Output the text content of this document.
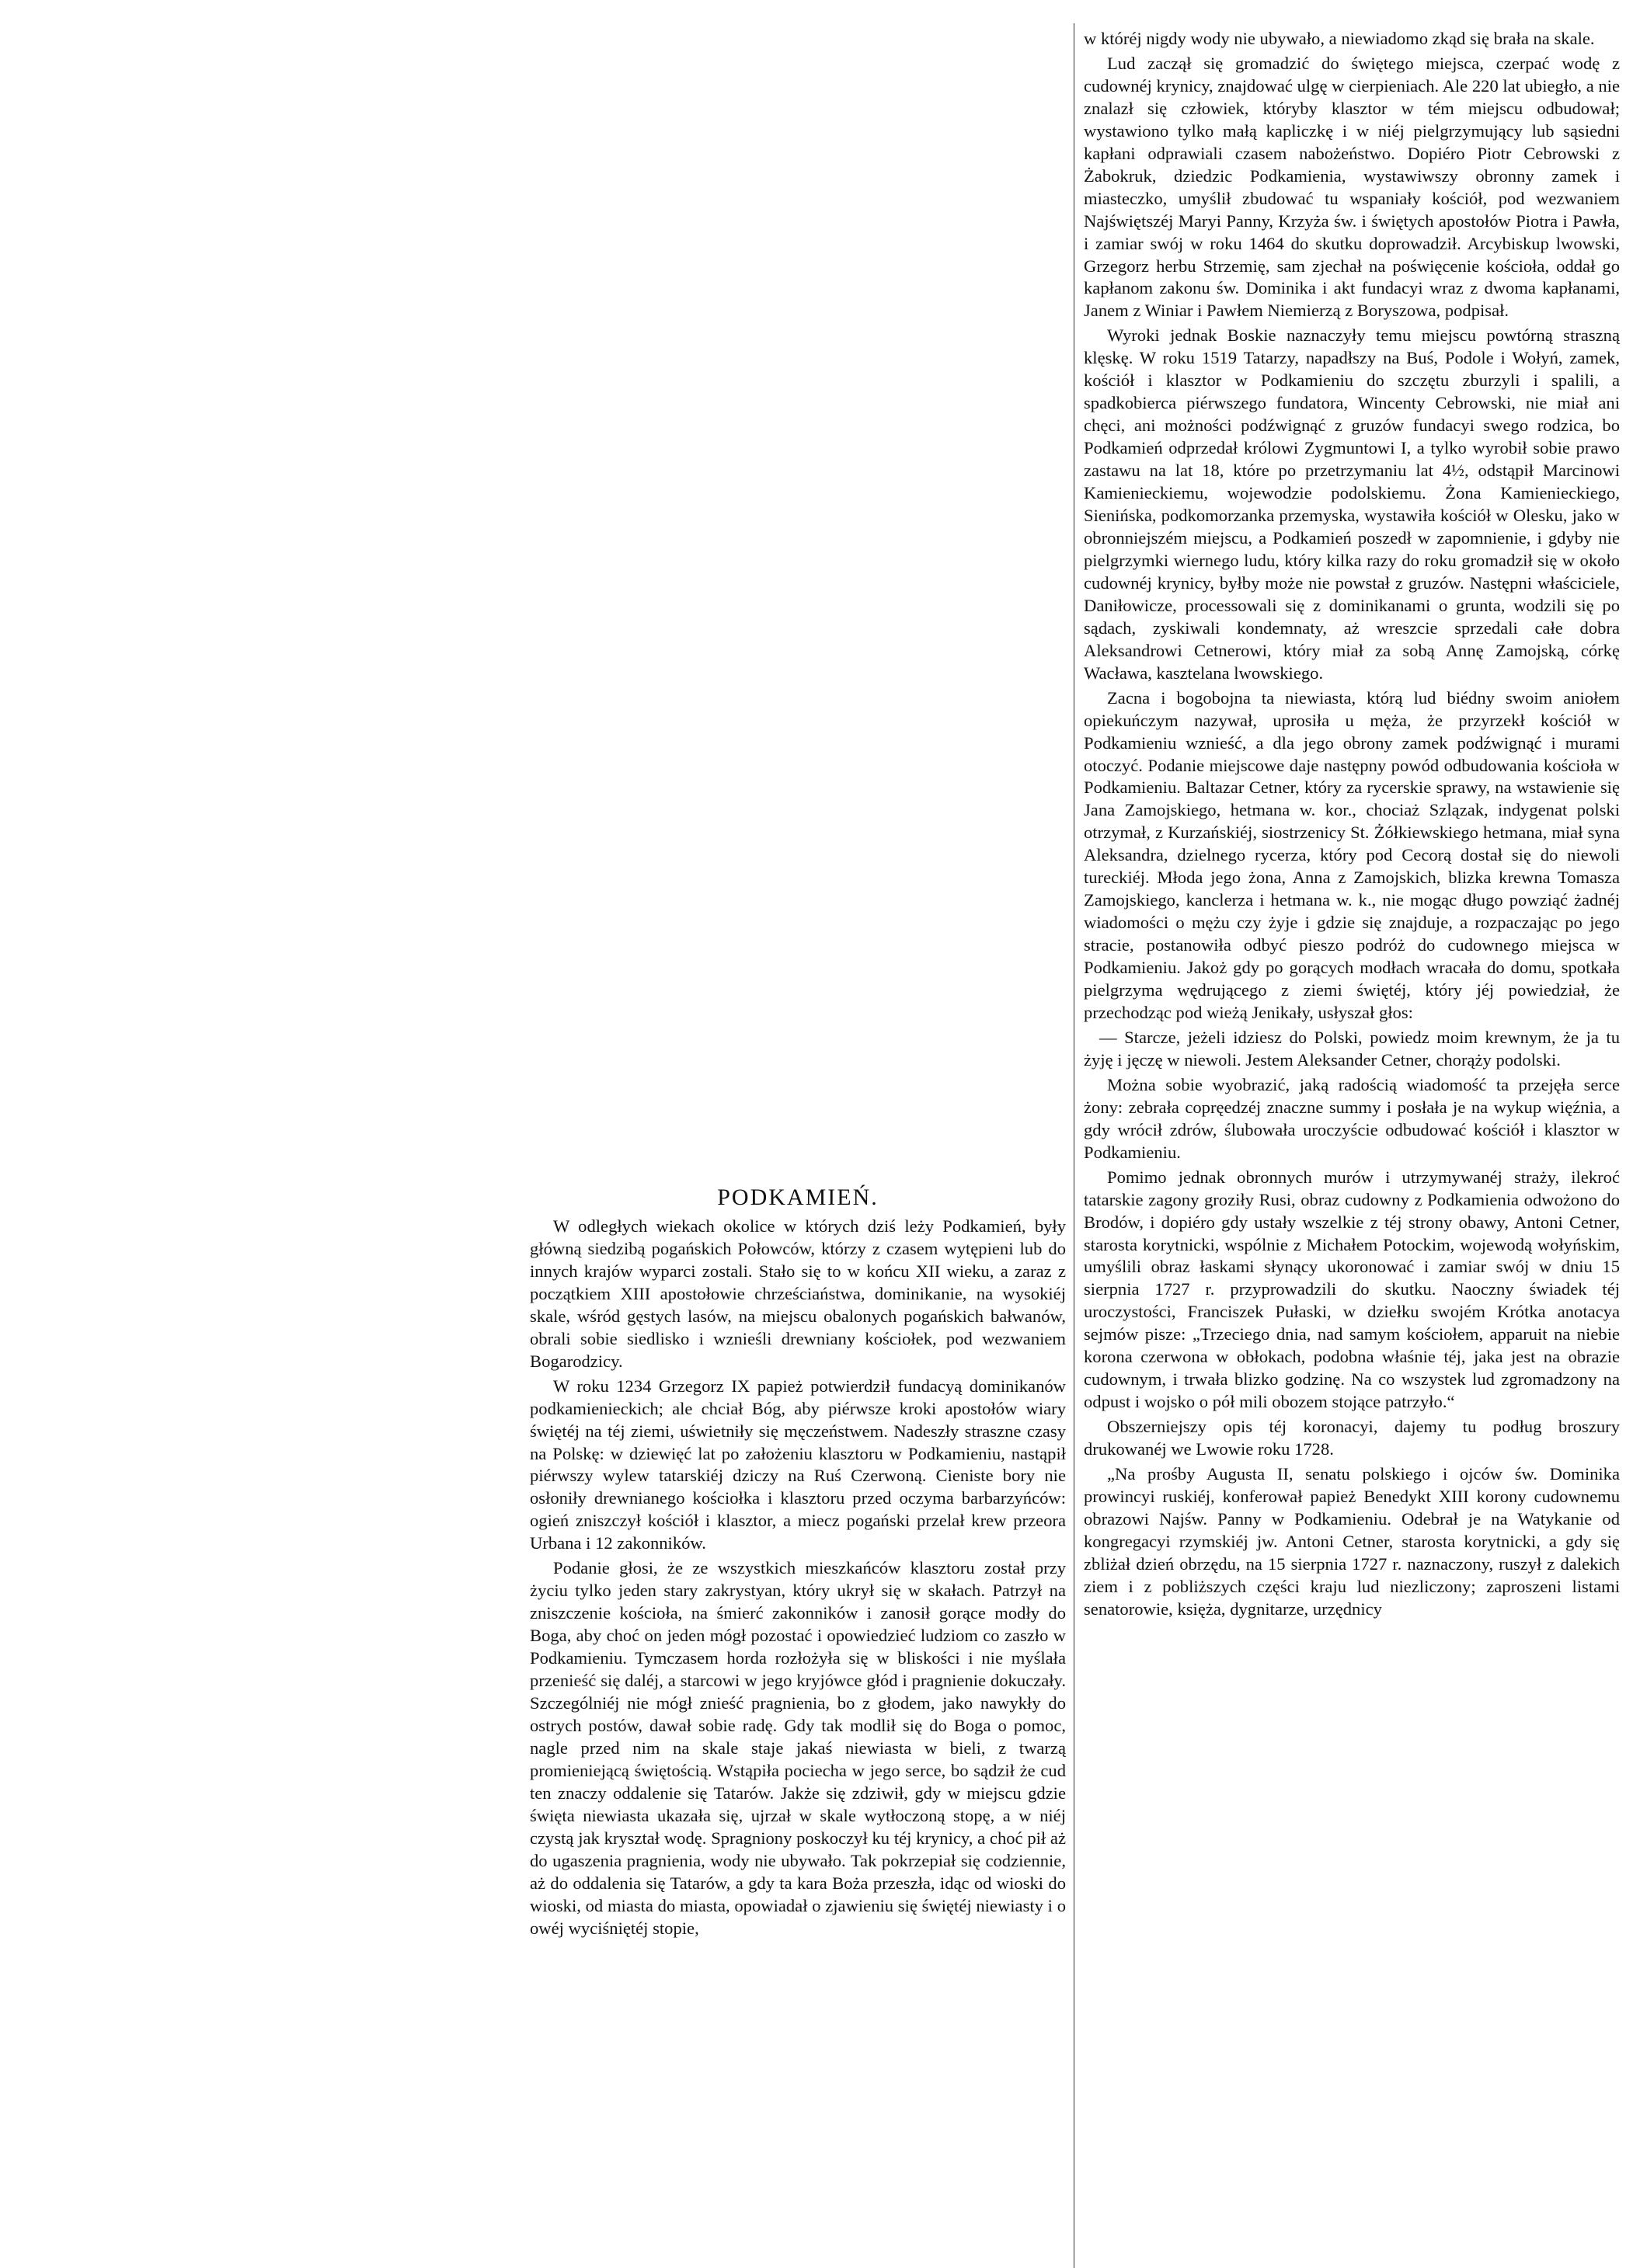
PODKAMIEŃ.

W odległych wiekach okolice w których dziś leży Podkamień, były główną siedzibą pogańskich Połowców, którzy z czasem wytępieni lub do innych krajów wyparci zostali. Stało się to w końcu XII wieku, a zaraz z początkiem XIII apostołowie chrześciaństwa, dominikanie, na wysokiéj skale, wśród gęstych lasów, na miejscu obalonych pogańskich bałwanów, obrali sobie siedlisko i wznieśli drewniany kościołek, pod wezwaniem Bogarodzicy.

W roku 1234 Grzegorz IX papież potwierdził fundacyą dominikanów podkamienieckich; ale chciał Bóg, aby piérwsze kroki apostołów wiary świętéj na téj ziemi, uświetniły się męczeństwem. Nadeszły straszne czasy na Polskę: w dziewięć lat po założeniu klasztoru w Podkamieniu, nastąpił piérwszy wylew tatarskiéj dziczy na Ruś Czerwoną. Cieniste bory nie osłoniły drewnianego kościołka i klasztoru przed oczyma barbarzyńców: ogień zniszczył kościół i klasztor, a miecz pogański przelał krew przeora Urbana i 12 zakonników.

Podanie głosi, że ze wszystkich mieszkańców klasztoru został przy życiu tylko jeden stary zakrystyan, który ukrył się w skałach. Patrzył na zniszczenie kościoła, na śmierć zakonników i zanosił gorące modły do Boga, aby choć on jeden mógł pozostać i opowiedzieć ludziom co zaszło w Podkamieniu. Tymczasem horda rozłożyła się w bliskości i nie myślała przenieść się daléj, a starcowi w jego kryjówce głód i pragnienie dokuczały. Szczególniéj nie mógł znieść pragnienia, bo z głodem, jako nawykły do ostrych postów, dawał sobie radę. Gdy tak modlił się do Boga o pomoc, nagle przed nim na skale staje jakaś niewiasta w bieli, z twarzą promieniejącą świętością. Wstąpiła pociecha w jego serce, bo sądził że cud ten znaczy oddalenie się Tatarów. Jakże się zdziwił, gdy w miejscu gdzie święta niewiasta ukazała się, ujrzał w skale wytłoczoną stopę, a w niéj czystą jak kryształ wodę. Spragniony poskoczył ku téj krynicy, a choć pił aż do ugaszenia pragnienia, wody nie ubywało. Tak pokrzepiał się codziennie, aż do oddalenia się Tatarów, a gdy ta kara Boża przeszła, idąc od wioski do wioski, od miasta do miasta, opowiadał o zjawieniu się świętéj niewiasty i o owéj wyciśniętéj stopie,

w któréj nigdy wody nie ubywało, a niewiadomo zkąd się brała na skale.

Lud zaczął się gromadzić do świętego miejsca, czerpać wodę z cudownéj krynicy, znajdować ulgę w cierpieniach. Ale 220 lat ubiegło, a nie znalazł się człowiek, któryby klasztor w tém miejscu odbudował; wystawiono tylko małą kapliczkę i w niéj pielgrzymujący lub sąsiedni kapłani odprawiali czasem nabożeństwo. Dopiéro Piotr Cebrowski z Żabokruk, dziedzic Podkamienia, wystawiwszy obronny zamek i miasteczko, umyślił zbudować tu wspaniały kościół, pod wezwaniem Najświętszéj Maryi Panny, Krzyża św. i świętych apostołów Piotra i Pawła, i zamiar swój w roku 1464 do skutku doprowadził. Arcybiskup lwowski, Grzegorz herbu Strzemię, sam zjechał na poświęcenie kościoła, oddał go kapłanom zakonu św. Dominika i akt fundacyi wraz z dwoma kapłanami, Janem z Winiar i Pawłem Niemierzą z Boryszowa, podpisał.

Wyroki jednak Boskie naznaczyły temu miejscu powtórną straszną klęskę. W roku 1519 Tatarzy, napadłszy na Buś, Podole i Wołyń, zamek, kościół i klasztor w Podkamieniu do szczętu zburzyli i spalili, a spadkobierca piérwszego fundatora, Wincenty Cebrowski, nie miał ani chęci, ani możności podźwignąć z gruzów fundacyi swego rodzica, bo Podkamień odprzedał królowi Zygmuntowi I, a tylko wyrobił sobie prawo zastawu na lat 18, które po przetrzymaniu lat 4½, odstąpił Marcinowi Kamienieckiemu, wojewodzie podolskiemu. Żona Kamienieckiego, Sienińska, podkomorzanka przemyska, wystawiła kościół w Olesku, jako w obronniejszém miejscu, a Podkamień poszedł w zapomnienie, i gdyby nie pielgrzymki wiernego ludu, który kilka razy do roku gromadził się w około cudownéj krynicy, byłby może nie powstał z gruzów. Następni właściciele, Daniłowicze, processowali się z dominikanami o grunta, wodzili się po sądach, zyskiwali kondemnaty, aż wreszcie sprzedali całe dobra Aleksandrowi Cetnerowi, który miał za sobą Annę Zamojską, córkę Wacława, kasztelana lwowskiego.

Zacna i bogobojna ta niewiasta, którą lud biédny swoim aniołem opiekuńczym nazywał, uprosiła u męża, że przyrzekł kościół w Podkamieniu wznieść, a dla jego obrony zamek podźwignąć i murami otoczyć. Podanie miejscowe daje następny powód odbudowania kościoła w Podkamieniu. Baltazar Cetner, który za rycerskie sprawy, na wstawienie się Jana Zamojskiego, hetmana w. kor., chociaż Szlązak, indygenat polski otrzymał, z Kurzańskiéj, siostrzenicy St. Żółkiewskiego hetmana, miał syna Aleksandra, dzielnego rycerza, który pod Cecorą dostał się do niewoli tureckiéj. Młoda jego żona, Anna z Zamojskich, blizka krewna Tomasza Zamojskiego, kanclerza i hetmana w. k., nie mogąc długo powziąć żadnéj wiadomości o mężu czy żyje i gdzie się znajduje, a rozpaczając po jego stracie, postanowiła odbyć pieszo podróż do cudownego miejsca w Podkamieniu. Jakoż gdy po gorących modłach wracała do domu, spotkała pielgrzyma wędrującego z ziemi świętéj, który jéj powiedział, że przechodząc pod wieżą Jenikały, usłyszał głos:

— Starcze, jeżeli idziesz do Polski, powiedz moim krewnym, że ja tu żyję i jęczę w niewoli. Jestem Aleksander Cetner, chorąży podolski.

Można sobie wyobrazić, jaką radością wiadomość ta przejęła serce żony: zebrała copręedzéj znaczne summy i posłała je na wykup więźnia, a gdy wrócił zdrów, ślubowała uroczyście odbudować kościół i klasztor w Podkamieniu.

Pomimo jednak obronnych murów i utrzymywanéj straży, ilekroć tatarskie zagony groziły Rusi, obraz cudowny z Podkamienia odwożono do Brodów, i dopiéro gdy ustały wszelkie z téj strony obawy, Antoni Cetner, starosta korytnicki, wspólnie z Michałem Potockim, wojewodą wołyńskim, umyślili obraz łaskami słynący ukoronować i zamiar swój w dniu 15 sierpnia 1727 r. przyprowadzili do skutku. Naoczny świadek téj uroczystości, Franciszek Pułaski, w dziełku swojém Krótka anotacya sejmów pisze: „Trzeciego dnia, nad samym kościołem, apparuit na niebie korona czerwona w obłokach, podobna właśnie téj, jaka jest na obrazie cudownym, i trwała blizko godzinę. Na co wszystek lud zgromadzony na odpust i wojsko o pół mili obozem stojące patrzyło.“

Obszerniejszy opis téj koronacyi, dajemy tu podług broszury drukowanéj we Lwowie roku 1728.

„Na prośby Augusta II, senatu polskiego i ojców św. Dominika prowincyi ruskiéj, konferował papież Benedykt XIII korony cudownemu obrazowi Najśw. Panny w Podkamieniu. Odebrał je na Watykanie od kongregacyi rzymskiéj jw. Antoni Cetner, starosta korytnicki, a gdy się zbliżał dzień obrzędu, na 15 sierpnia 1727 r. naznaczony, ruszył z dalekich ziem i z pobliższych części kraju lud niezliczony; zaproszeni listami senatorowie, księża, dygnitarze, urzędnicy
